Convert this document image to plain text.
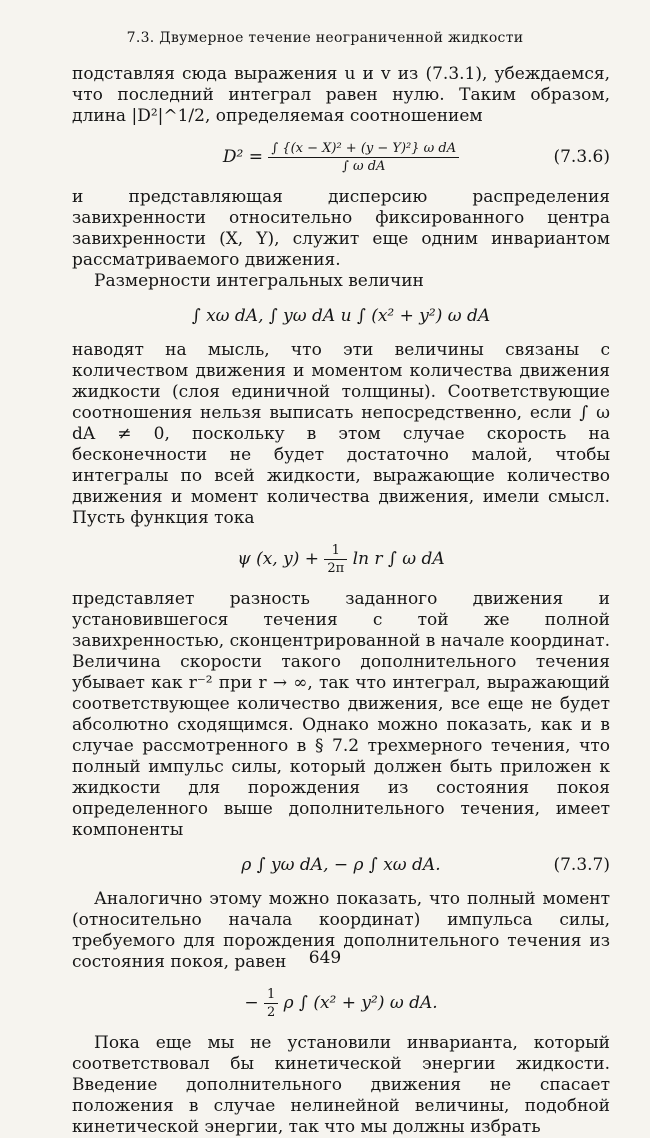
7.3. Двумерное течение неограниченной жидкости

подставляя сюда выражения u и v из (7.3.1), убеждаемся, что последний интеграл равен нулю. Таким образом, длина |D²|^1/2, определяемая соотношением

$D^2 = \frac{\text{∫ \{(x − X)² + (y − Y)²\} ω dA}}{\text{∫ ω dA}}$	(7.3.6)

и представляющая дисперсию распределения завихренности относительно фиксированного центра завихренности (X, Y), служит еще одним инвариантом рассматриваемого движения.

Размерности интегральных величин

∫ xω dA, ∫ yω dA и ∫ (x² + y²) ω dA

наводят на мысль, что эти величины связаны с количеством движения и моментом количества движения жидкости (слоя единичной толщины). Соответствующие соотношения нельзя выписать непосредственно, если ∫ ω dA ≠ 0, поскольку в этом случае скорость на бесконечности не будет достаточно малой, чтобы интегралы по всей жидкости, выражающие количество движения и момент количества движения, имели смысл. Пусть функция тока

ψ (x, $y) + \frac{1}{2\pi}$ ln r ∫ ω dA

представляет разность заданного движения и установившегося течения с той же полной завихренностью, сконцентрированной в начале координат. Величина скорости такого дополнительного течения убывает как r⁻² при r → ∞, так что интеграл, выражающий соответствующее количество движения, все еще не будет абсолютно сходящимся. Однако можно показать, как и в случае рассмотренного в § 7.2 трехмерного течения, что полный импульс силы, который должен быть приложен к жидкости для порождения из состояния покоя определенного выше дополнительного течения, имеет компоненты

ρ ∫ yω dA, − ρ ∫ xω dA.	(7.3.7)

Аналогично этому можно показать, что полный момент (относительно начала координат) импульса силы, требуемого для порождения дополнительного течения из состояния покоя, равен

− $\frac{1}{2}$ ρ ∫ (x² + y²) ω dA.

Пока еще мы не установили инварианта, который соответствовал бы кинетической энергии жидкости. Введение дополнительного движения не спасает положения в случае нелинейной величины, подобной кинетической энергии, так что мы должны избрать

649
